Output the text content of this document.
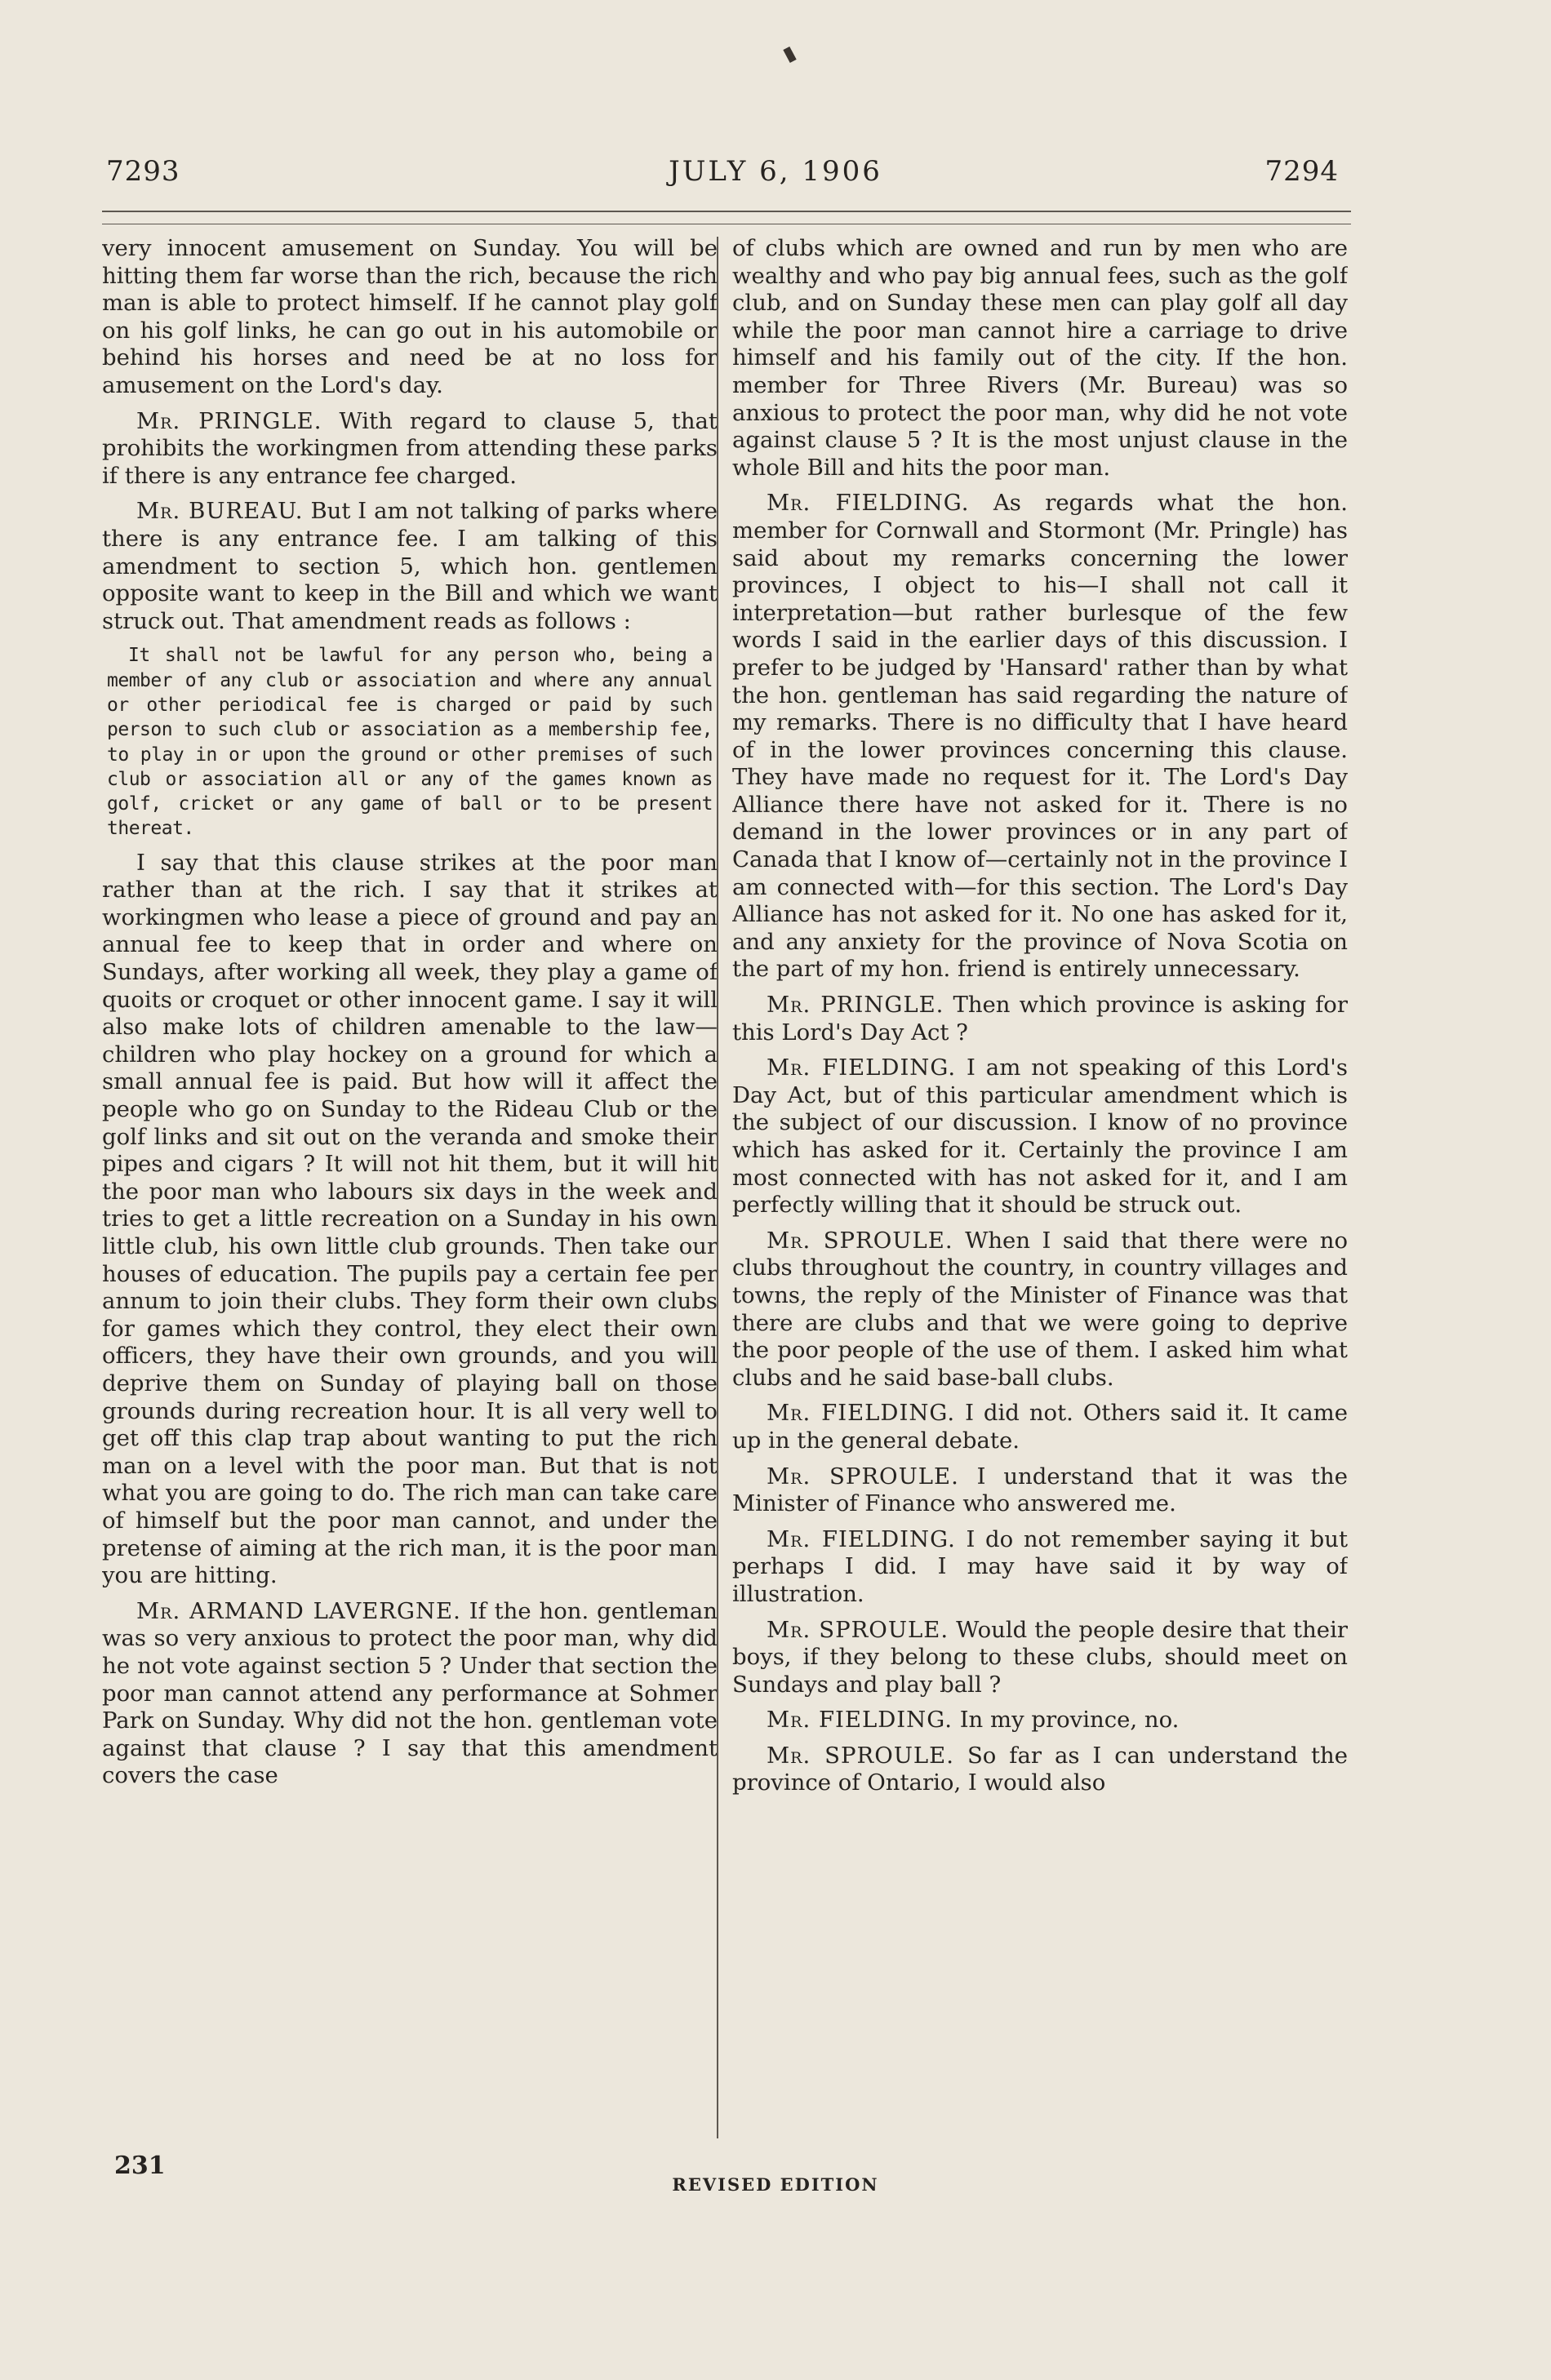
7293	JULY 6, 1906	7294

very innocent amusement on Sunday. You will be hitting them far worse than the rich, because the rich man is able to protect himself. If he cannot play golf on his golf links, he can go out in his automobile or behind his horses and need be at no loss for amusement on the Lord's day.

Mr. PRINGLE. With regard to clause 5, that prohibits the workingmen from attending these parks if there is any entrance fee charged.

Mr. BUREAU. But I am not talking of parks where there is any entrance fee. I am talking of this amendment to section 5, which hon. gentlemen opposite want to keep in the Bill and which we want struck out. That amendment reads as follows :

It shall not be lawful for any person who, being a member of any club or association and where any annual or other periodical fee is charged or paid by such person to such club or association as a membership fee, to play in or upon the ground or other premises of such club or association all or any of the games known as golf, cricket or any game of ball or to be present thereat.

I say that this clause strikes at the poor man rather than at the rich. I say that it strikes at workingmen who lease a piece of ground and pay an annual fee to keep that in order and where on Sundays, after working all week, they play a game of quoits or croquet or other innocent game. I say it will also make lots of children amenable to the law—children who play hockey on a ground for which a small annual fee is paid. But how will it affect the people who go on Sunday to the Rideau Club or the golf links and sit out on the veranda and smoke their pipes and cigars ? It will not hit them, but it will hit the poor man who labours six days in the week and tries to get a little recreation on a Sunday in his own little club, his own little club grounds. Then take our houses of education. The pupils pay a certain fee per annum to join their clubs. They form their own clubs for games which they control, they elect their own officers, they have their own grounds, and you will deprive them on Sunday of playing ball on those grounds during recreation hour. It is all very well to get off this clap trap about wanting to put the rich man on a level with the poor man. But that is not what you are going to do. The rich man can take care of himself but the poor man cannot, and under the pretense of aiming at the rich man, it is the poor man you are hitting.

Mr. ARMAND LAVERGNE. If the hon. gentleman was so very anxious to protect the poor man, why did he not vote against section 5 ? Under that section the poor man cannot attend any performance at Sohmer Park on Sunday. Why did not the hon. gentleman vote against that clause ? I say that this amendment covers the case

of clubs which are owned and run by men who are wealthy and who pay big annual fees, such as the golf club, and on Sunday these men can play golf all day while the poor man cannot hire a carriage to drive himself and his family out of the city. If the hon. member for Three Rivers (Mr. Bureau) was so anxious to protect the poor man, why did he not vote against clause 5 ? It is the most unjust clause in the whole Bill and hits the poor man.

Mr. FIELDING. As regards what the hon. member for Cornwall and Stormont (Mr. Pringle) has said about my remarks concerning the lower provinces, I object to his—I shall not call it interpretation—but rather burlesque of the few words I said in the earlier days of this discussion. I prefer to be judged by 'Hansard' rather than by what the hon. gentleman has said regarding the nature of my remarks. There is no difficulty that I have heard of in the lower provinces concerning this clause. They have made no request for it. The Lord's Day Alliance there have not asked for it. There is no demand in the lower provinces or in any part of Canada that I know of—certainly not in the province I am connected with—for this section. The Lord's Day Alliance has not asked for it. No one has asked for it, and any anxiety for the province of Nova Scotia on the part of my hon. friend is entirely unnecessary.

Mr. PRINGLE. Then which province is asking for this Lord's Day Act ?

Mr. FIELDING. I am not speaking of this Lord's Day Act, but of this particular amendment which is the subject of our discussion. I know of no province which has asked for it. Certainly the province I am most connected with has not asked for it, and I am perfectly willing that it should be struck out.

Mr. SPROULE. When I said that there were no clubs throughout the country, in country villages and towns, the reply of the Minister of Finance was that there are clubs and that we were going to deprive the poor people of the use of them. I asked him what clubs and he said base-ball clubs.

Mr. FIELDING. I did not. Others said it. It came up in the general debate.

Mr. SPROULE. I understand that it was the Minister of Finance who answered me.

Mr. FIELDING. I do not remember saying it but perhaps I did. I may have said it by way of illustration.

Mr. SPROULE. Would the people desire that their boys, if they belong to these clubs, should meet on Sundays and play ball ?

Mr. FIELDING. In my province, no.

Mr. SPROULE. So far as I can understand the province of Ontario, I would also

231
REVISED EDITION
